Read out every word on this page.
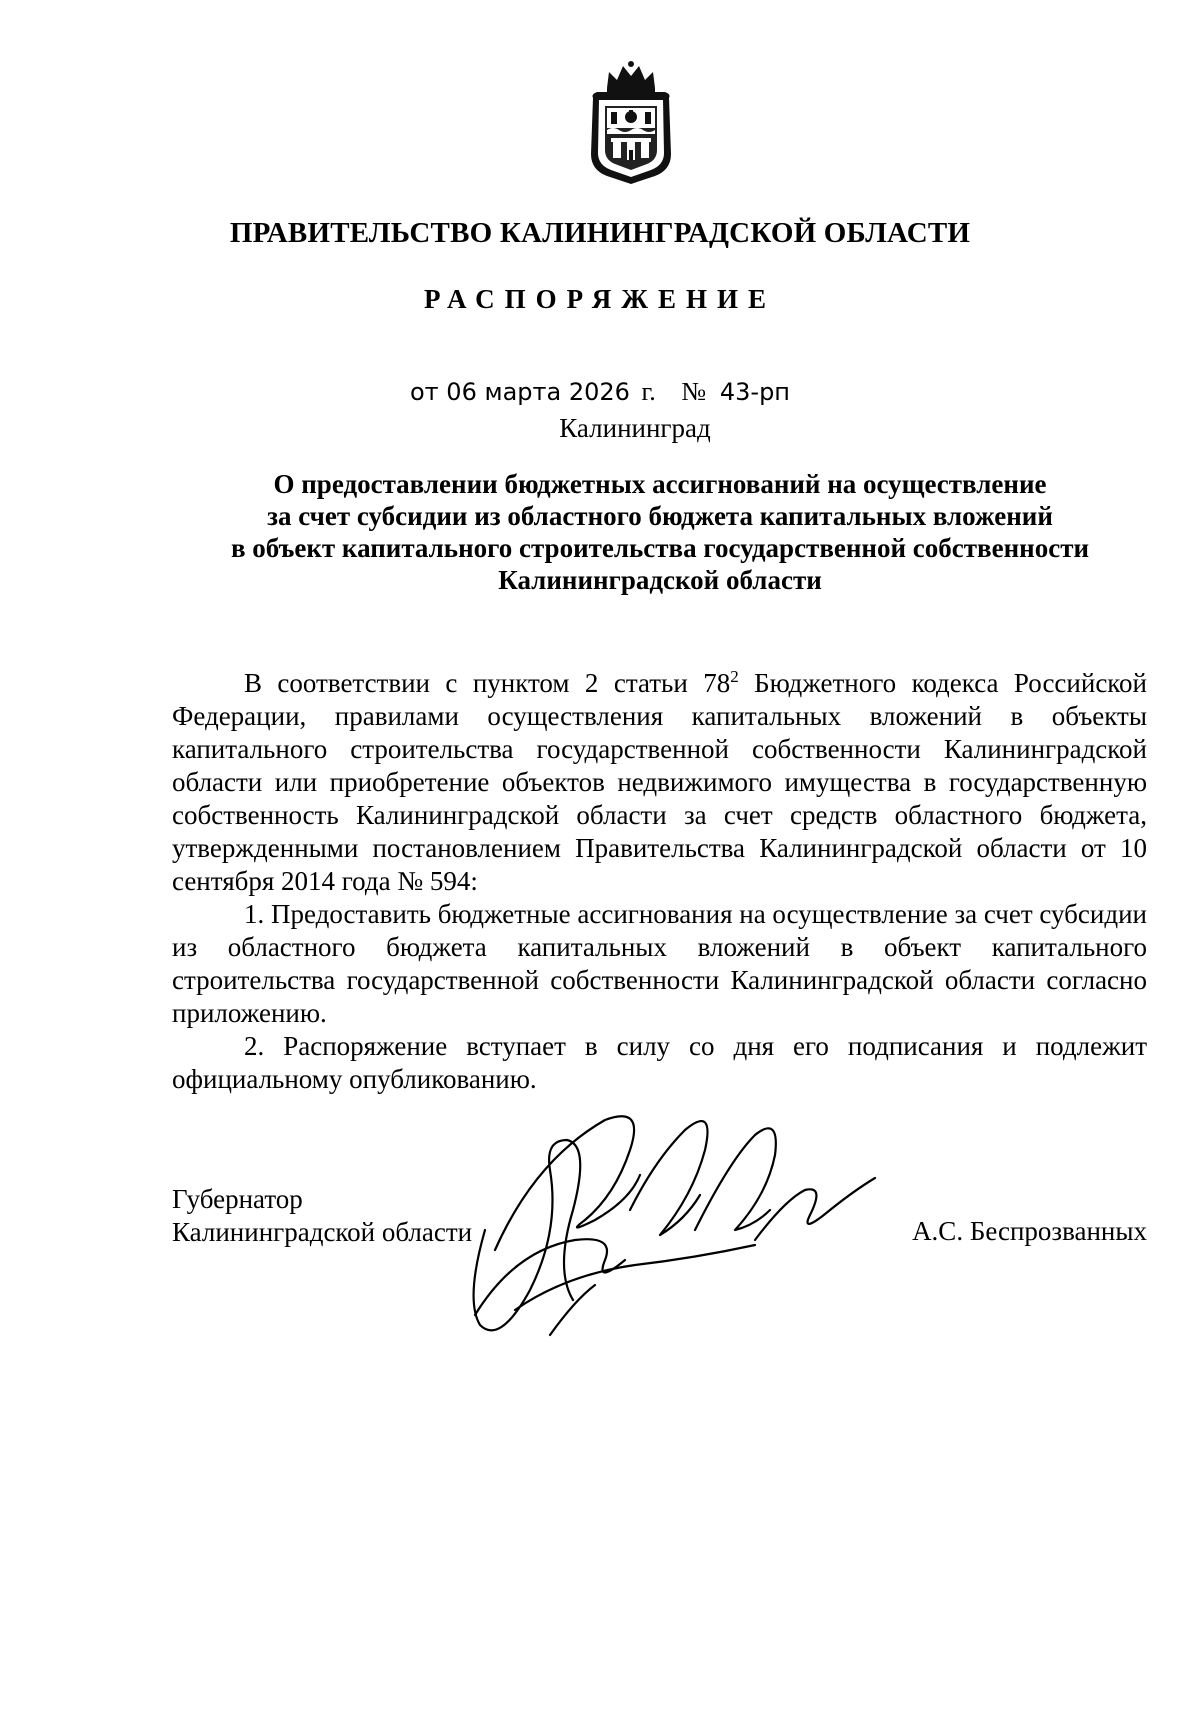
ПРАВИТЕЛЬСТВО КАЛИНИНГРАДСКОЙ ОБЛАСТИ
РАСПОРЯЖЕНИЕ
от 06 марта 2026 г. № 43-рп
Калининград
О предоставлении бюджетных ассигнований на осуществление
за счет субсидии из областного бюджета капитальных вложений
в объект капитального строительства государственной собственности
Калининградской области

В соответствии с пунктом 2 статьи $78^2$ Бюджетного кодекса Российской Федерации, правилами осуществления капитальных вложений в объекты капитального строительства государственной собственности Калининградской области или приобретение объектов недвижимого имущества в государственную собственность Калининградской области за счет средств областного бюджета, утвержденными постановлением Правительства Калининградской области от 10 сентября 2014 года № 594:

1. Предоставить бюджетные ассигнования на осуществление за счет субсидии из областного бюджета капитальных вложений в объект капитального строительства государственной собственности Калининградской области согласно приложению.

2. Распоряжение вступает в силу со дня его подписания и подлежит официальному опубликованию.

Губернатор
Калининградской области	А.С. Беспрозванных
